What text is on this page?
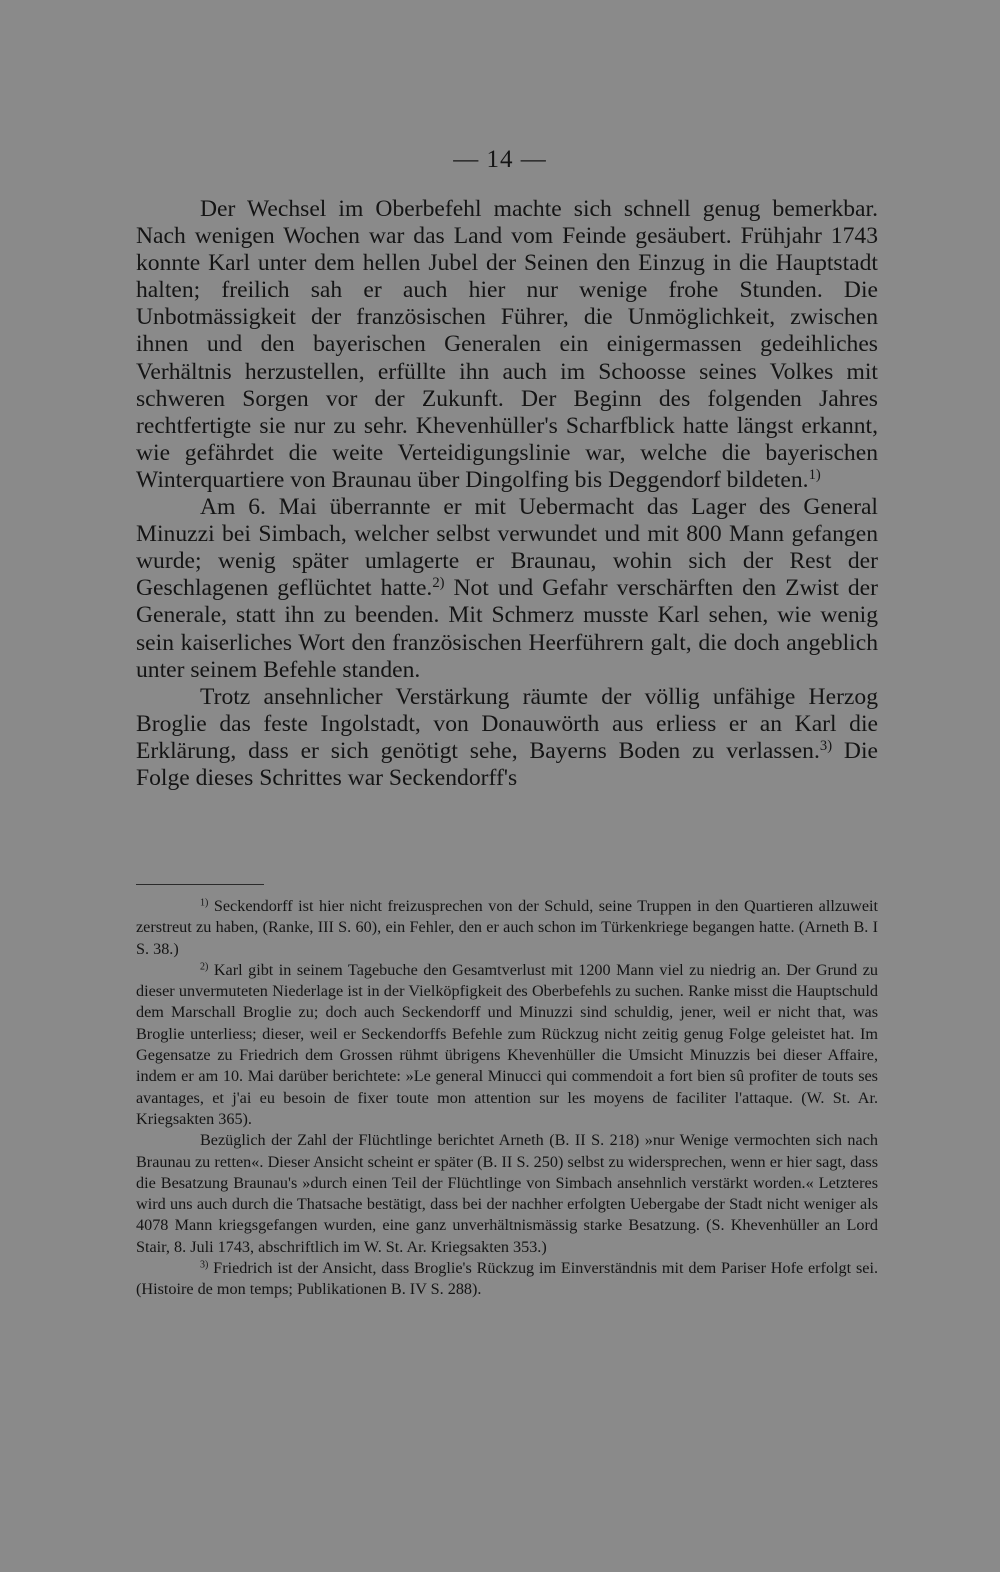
— 14 —

Der Wechsel im Oberbefehl machte sich schnell genug bemerkbar. Nach wenigen Wochen war das Land vom Feinde gesäubert. Frühjahr 1743 konnte Karl unter dem hellen Jubel der Seinen den Einzug in die Hauptstadt halten; freilich sah er auch hier nur wenige frohe Stunden. Die Unbotmässigkeit der französischen Führer, die Unmöglichkeit, zwischen ihnen und den bayerischen Generalen ein einigermassen gedeihliches Verhältnis herzustellen, erfüllte ihn auch im Schoosse seines Volkes mit schweren Sorgen vor der Zukunft. Der Beginn des folgenden Jahres rechtfertigte sie nur zu sehr. Khevenhüller's Scharfblick hatte längst erkannt, wie gefährdet die weite Verteidigungslinie war, welche die bayerischen Winterquartiere von Braunau über Dingolfing bis Deggendorf bildeten.$^{1)}$

Am 6. Mai überrannte er mit Uebermacht das Lager des General Minuzzi bei Simbach, welcher selbst verwundet und mit 800 Mann gefangen wurde; wenig später umlagerte er Braunau, wohin sich der Rest der Geschlagenen geflüchtet hatte.$^{2)}$ Not und Gefahr verschärften den Zwist der Generale, statt ihn zu beenden. Mit Schmerz musste Karl sehen, wie wenig sein kaiserliches Wort den französischen Heerführern galt, die doch angeblich unter seinem Befehle standen.

Trotz ansehnlicher Verstärkung räumte der völlig unfähige Herzog Broglie das feste Ingolstadt, von Donauwörth aus erliess er an Karl die Erklärung, dass er sich genötigt sehe, Bayerns Boden zu verlassen.$^{3)}$ Die Folge dieses Schrittes war Seckendorff's

$^{1)}$ Seckendorff ist hier nicht freizusprechen von der Schuld, seine Truppen in den Quartieren allzuweit zerstreut zu haben, (Ranke, III S. 60), ein Fehler, den er auch schon im Türkenkriege begangen hatte. (Arneth B. I S. 38.)

$^{2)}$ Karl gibt in seinem Tagebuche den Gesamtverlust mit 1200 Mann viel zu niedrig an. Der Grund zu dieser unvermuteten Niederlage ist in der Vielköpfigkeit des Oberbefehls zu suchen. Ranke misst die Hauptschuld dem Marschall Broglie zu; doch auch Seckendorff und Minuzzi sind schuldig, jener, weil er nicht that, was Broglie unterliess; dieser, weil er Seckendorffs Befehle zum Rückzug nicht zeitig genug Folge geleistet hat. Im Gegensatze zu Friedrich dem Grossen rühmt übrigens Khevenhüller die Umsicht Minuzzis bei dieser Affaire, indem er am 10. Mai darüber berichtete: »Le general Minucci qui commendoit a fort bien sû profiter de touts ses avantages, et j'ai eu besoin de fixer toute mon attention sur les moyens de faciliter l'attaque. (W. St. Ar. Kriegsakten 365).

Bezüglich der Zahl der Flüchtlinge berichtet Arneth (B. II S. 218) »nur Wenige vermochten sich nach Braunau zu retten«. Dieser Ansicht scheint er später (B. II S. 250) selbst zu widersprechen, wenn er hier sagt, dass die Besatzung Braunau's »durch einen Teil der Flüchtlinge von Simbach ansehnlich verstärkt worden.« Letzteres wird uns auch durch die Thatsache bestätigt, dass bei der nachher erfolgten Uebergabe der Stadt nicht weniger als 4078 Mann kriegsgefangen wurden, eine ganz unverhältnismässig starke Besatzung. (S. Khevenhüller an Lord Stair, 8. Juli 1743, abschriftlich im W. St. Ar. Kriegsakten 353.)

$^{3)}$ Friedrich ist der Ansicht, dass Broglie's Rückzug im Einverständnis mit dem Pariser Hofe erfolgt sei. (Histoire de mon temps; Publikationen B. IV S. 288).
